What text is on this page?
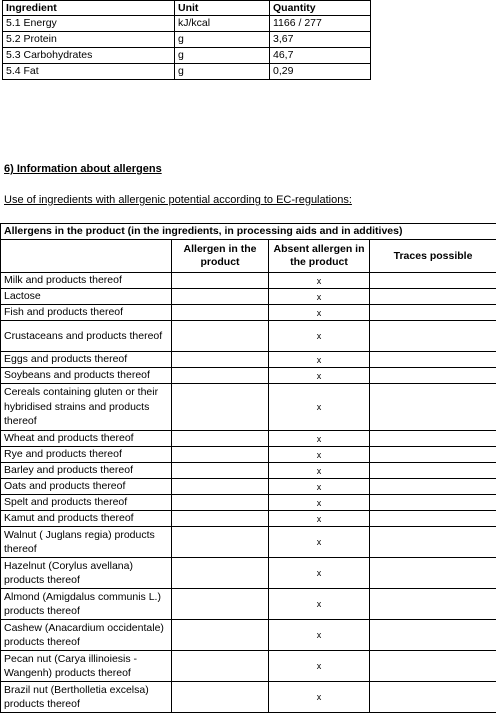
Ingredient	Unit	Quantity
5.1 Energy	kJ/kcal	1166 / 277
5.2 Protein	g	3,67
5.3 Carbohydrates	g	46,7
5.4 Fat	g	0,29

6) Information about allergens

Use of ingredients with allergenic potential according to EC-regulations:

Allergens in the product (in the ingredients, in processing aids and in additives)			
	Allergen in the product	Absent allergen in the product	Traces possible
Milk and products thereof		x	
Lactose		x	
Fish and products thereof		x	
Crustaceans and products thereof		x	
Eggs and products thereof		x	
Soybeans and products thereof		x	
Cereals containing gluten or their hybridised strains and products thereof		x	
Wheat and products thereof		x	
Rye and products thereof		x	
Barley and products thereof		x	
Oats and products thereof		x	
Spelt and products thereof		x	
Kamut and products thereof		x	
Walnut ( Juglans regia) products thereof		x	
Hazelnut (Corylus avellana) products thereof		x	
Almond (Amigdalus communis L.) products thereof		x	
Cashew (Anacardium occidentale) products thereof		x	
Pecan nut (Carya illinoiesis - Wangenh) products thereof		x	
Brazil nut (Bertholletia excelsa) products thereof		x	
